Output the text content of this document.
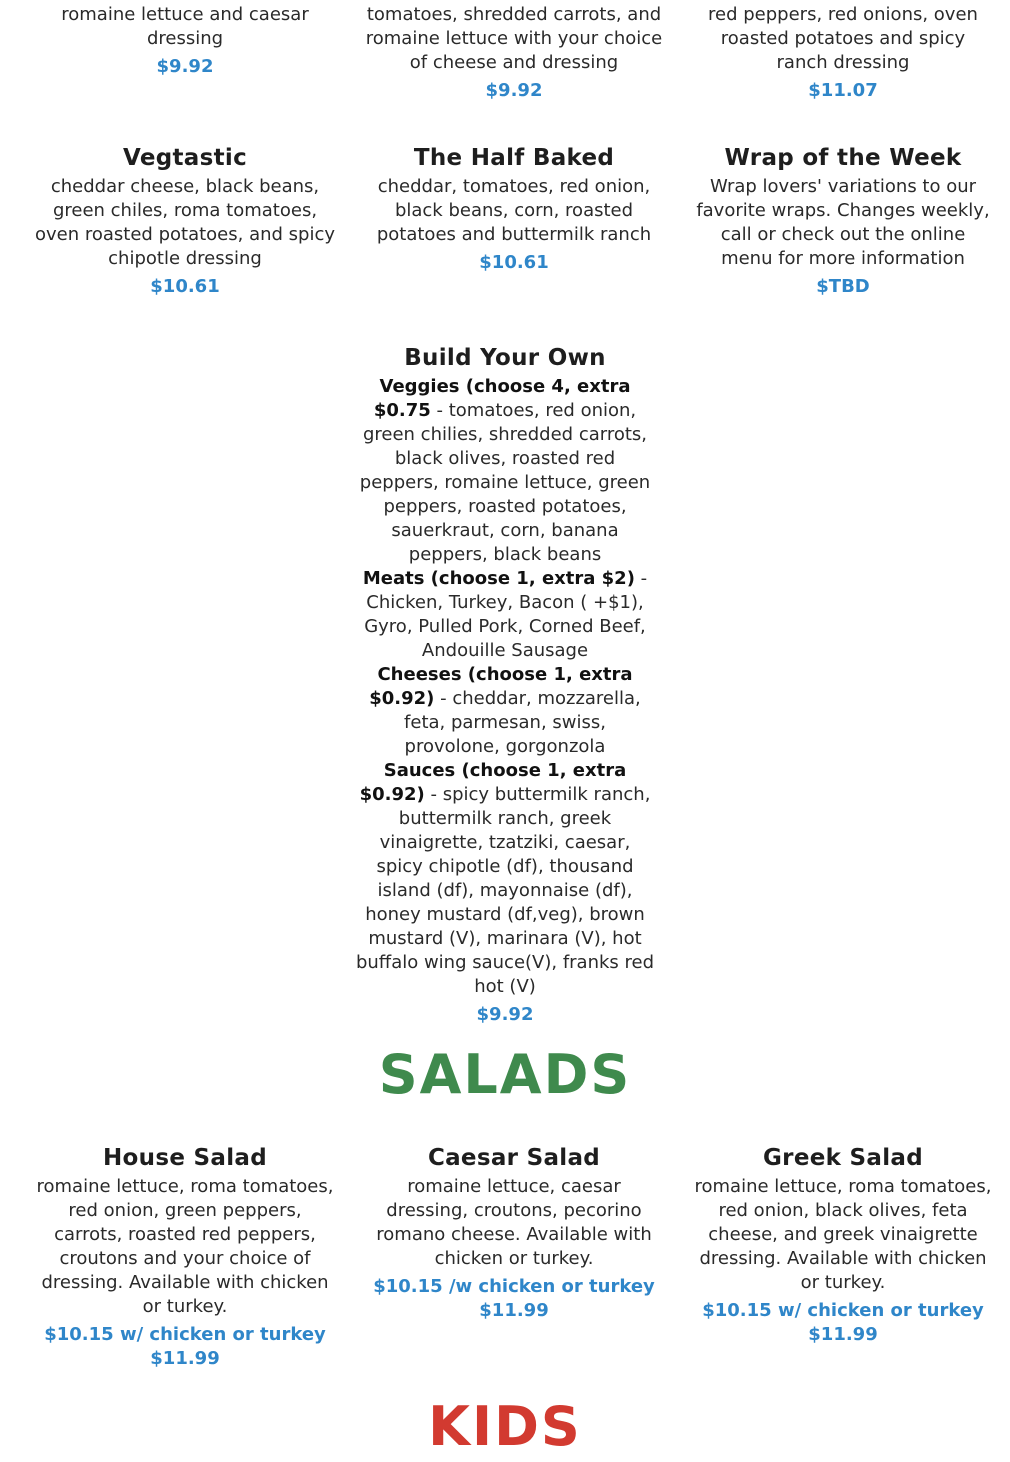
romaine lettuce and caesar dressing
$9.92
tomatoes, shredded carrots, and romaine lettuce with your choice of cheese and dressing
$9.92
red peppers, red onions, oven roasted potatoes and spicy ranch dressing
$11.07
Vegtastic
cheddar cheese, black beans, green chiles, roma tomatoes, oven roasted potatoes, and spicy chipotle dressing
$10.61
The Half Baked
cheddar, tomatoes, red onion, black beans, corn, roasted potatoes and buttermilk ranch
$10.61
Wrap of the Week
Wrap lovers' variations to our favorite wraps. Changes weekly, call or check out the online menu for more information
$TBD
Build Your Own
Veggies (choose 4, extra $0.75 - tomatoes, red onion, green chilies, shredded carrots, black olives, roasted red peppers, romaine lettuce, green peppers, roasted potatoes, sauerkraut, corn, banana peppers, black beans
Meats (choose 1, extra $2) - Chicken, Turkey, Bacon ( +$1), Gyro, Pulled Pork, Corned Beef, Andouille Sausage
Cheeses (choose 1, extra $0.92) - cheddar, mozzarella, feta, parmesan, swiss, provolone, gorgonzola
Sauces (choose 1, extra $0.92) - spicy buttermilk ranch, buttermilk ranch, greek vinaigrette, tzatziki, caesar, spicy chipotle (df), thousand island (df), mayonnaise (df), honey mustard (df,veg), brown mustard (V), marinara (V), hot buffalo wing sauce(V), franks red hot (V)
$9.92
SALADS
House Salad
romaine lettuce, roma tomatoes, red onion, green peppers, carrots, roasted red peppers, croutons and your choice of dressing. Available with chicken or turkey.
$10.15 w/ chicken or turkey
$11.99
Caesar Salad
romaine lettuce, caesar dressing, croutons, pecorino romano cheese. Available with chicken or turkey.
$10.15 /w chicken or turkey
$11.99
Greek Salad
romaine lettuce, roma tomatoes, red onion, black olives, feta cheese, and greek vinaigrette dressing. Available with chicken or turkey.
$10.15 w/ chicken or turkey
$11.99
KIDS
